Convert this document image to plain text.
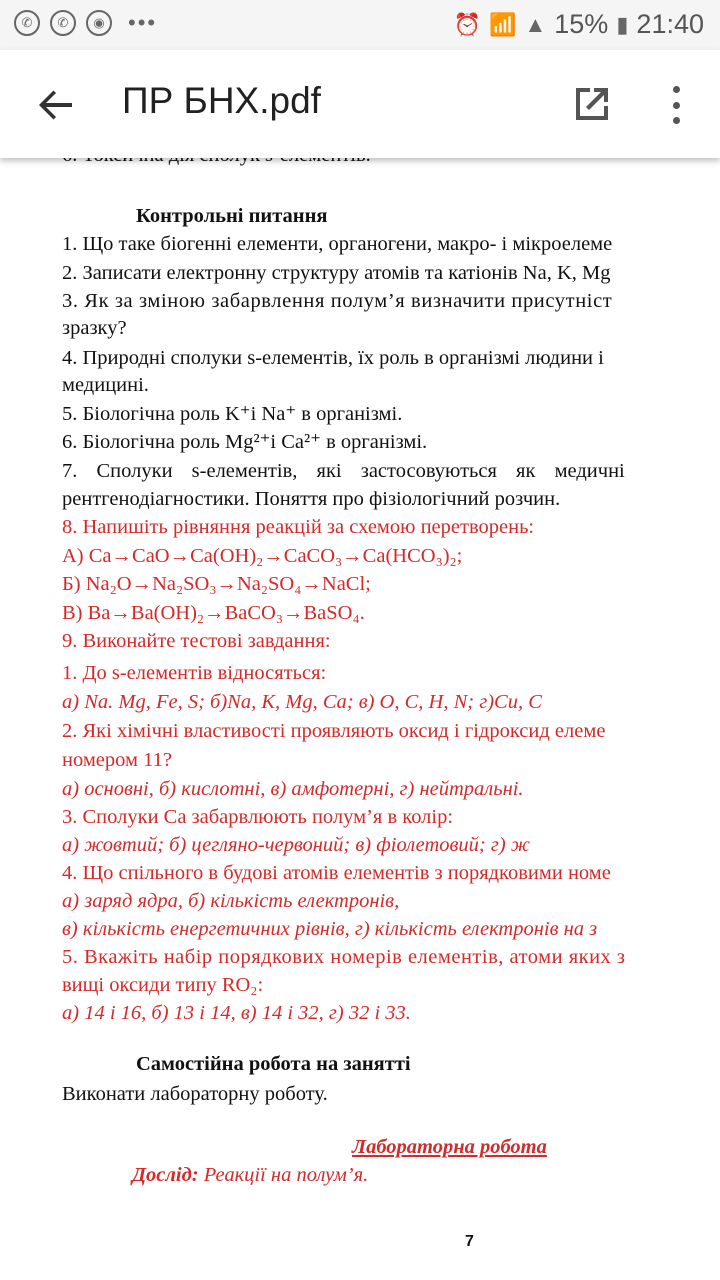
✆	✆	◉	•••	⏰ 📶 ▲ 15% ▮ 21:40
ПР БНХ.pdf
Контрольні питання
1. Що таке біогенні елементи, органогени, макро- і мікроелеме
2. Записати електронну структуру атомів та катіонів Na, K, Mg
3. Як за зміною забарвлення полум’я визначити присутніст
зразку?
4. Природні сполуки s-елементів, їх роль в організмі людини і
медицині.
5. Біологічна роль K⁺і Na⁺ в організмі.
6. Біологічна роль Mg²⁺і Ca²⁺ в організмі.
7. Сполуки s-елементів, які застосовуються як медичні
рентгенодіагностики. Поняття про фізіологічний розчин.
8. Напишіть рівняння реакцій за схемою перетворень:
А) Ca→CaO→Ca(OH)₂→CaCO₃→Ca(HCO₃)₂;
Б) Na₂O→Na₂SO₃→Na₂SO₄→NaCl;
В) Ba→Ba(OH)₂→BaCO₃→BaSO₄.
9. Виконайте тестові завдання:
1. До s-елементів відносяться:
а) Na. Mg, Fe, S; б)Na, K, Mg, Ca; в) O, C, H, N; г)Cu, C
2. Які хімічні властивості проявляють оксид і гідроксид елеме
номером 11?
а) основні, б) кислотні, в) амфотерні, г) нейтральні.
3. Сполуки Ca забарвлюють полум’я в колір:
а) жовтий; б) цегляно-червоний; в) фіолетовий; г) ж
4. Що спільного в будові атомів елементів з порядковими номе
а) заряд ядра, б) кількість електронів,
в) кількість енергетичних рівнів, г) кількість електронів на з
5. Вкажіть набір порядкових номерів елементів, атоми яких з
вищі оксиди типу RO₂:
а) 14 і 16, б) 13 і 14, в) 14 і 32, г) 32 і 33.
Самостійна робота на занятті
Виконати лабораторну роботу.
Лабораторна робота
Дослід: Реакції на полум’я.
7
